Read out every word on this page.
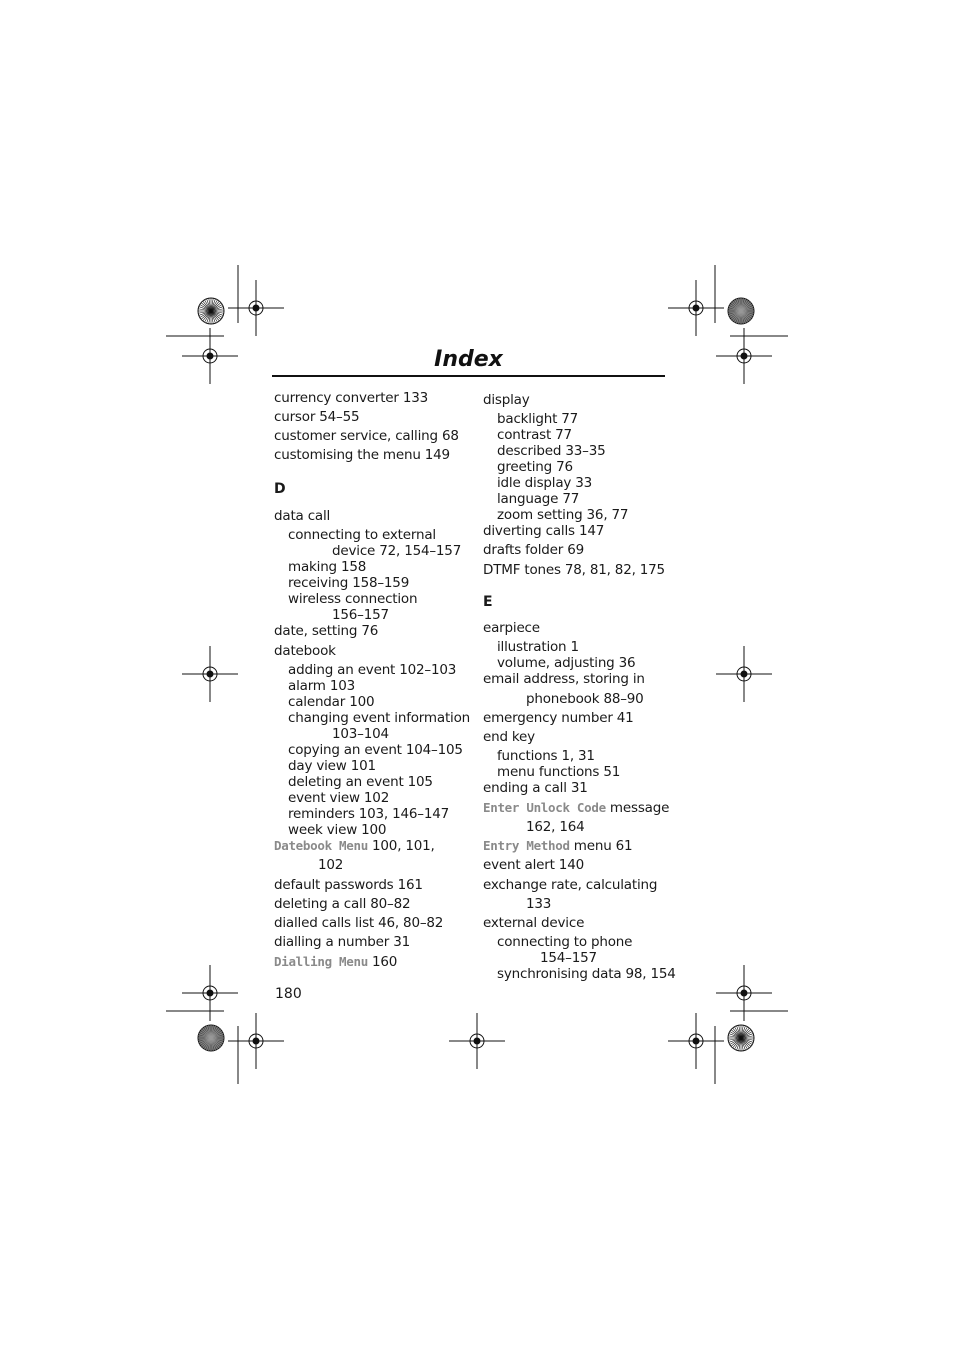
Index
currency converter 133
cursor 54–55
customer service, calling 68
customising the menu 149
D
data call
connecting to external
device 72, 154–157
making 158
receiving 158–159
wireless connection
156–157
date, setting 76
datebook
adding an event 102–103
alarm 103
calendar 100
changing event information
103–104
copying an event 104–105
day view 101
deleting an event 105
event view 102
reminders 103, 146–147
week view 100
Datebook Menu 100, 101,
102
default passwords 161
deleting a call 80–82
dialled calls list 46, 80–82
dialling a number 31
Dialling Menu 160
display
backlight 77
contrast 77
described 33–35
greeting 76
idle display 33
language 77
zoom setting 36, 77
diverting calls 147
drafts folder 69
DTMF tones 78, 81, 82, 175
E
earpiece
illustration 1
volume, adjusting 36
email address, storing in
phonebook 88–90
emergency number 41
end key
functions 1, 31
menu functions 51
ending a call 31
Enter Unlock Code message
162, 164
Entry Method menu 61
event alert 140
exchange rate, calculating
133
external device
connecting to phone
154–157
synchronising data 98, 154
180
